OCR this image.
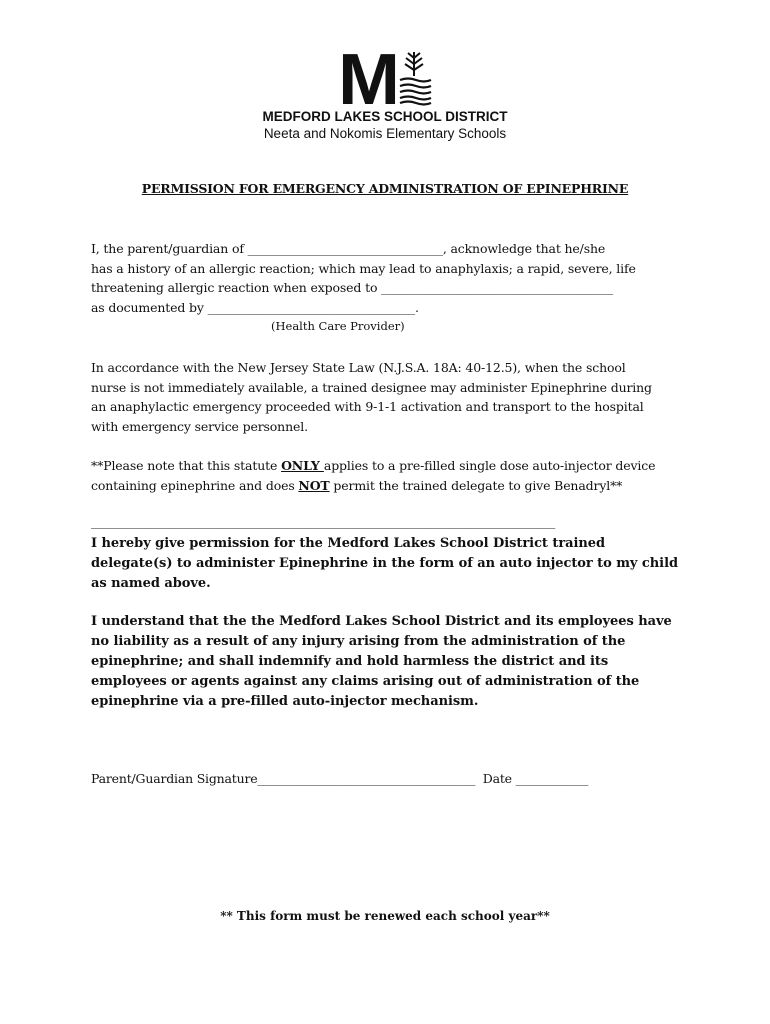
M
MEDFORD LAKES SCHOOL DISTRICT
Neeta and Nokomis Elementary Schools
PERMISSION FOR EMERGENCY ADMINISTRATION OF EPINEPHRINE
I, the parent/guardian of ________________________________, acknowledge that he/she
has a history of an allergic reaction; which may lead to anaphylaxis; a rapid, severe, life
threatening allergic reaction when exposed to ______________________________________
as documented by __________________________________.
(Health Care Provider)
In accordance with the New Jersey State Law (N.J.S.A. 18A: 40-12.5), when the school
nurse is not immediately available, a trained designee may administer Epinephrine during
an anaphylactic emergency proceeded with 9-1-1 activation and transport to the hospital
with emergency service personnel.
**Please note that this statute ONLY applies to a pre-filled single dose auto-injector device
containing epinephrine and does NOT permit the trained delegate to give Benadryl**
______________________________________________________________________________
I hereby give permission for the Medford Lakes School District trained
delegate(s) to administer Epinephrine in the form of an auto injector to my child
as named above.
I understand that the the Medford Lakes School District and its employees have
no liability as a result of any injury arising from the administration of the
epinephrine; and shall indemnify and hold harmless the district and its
employees or agents against any claims arising out of administration of the
epinephrine via a pre-filled auto-injector mechanism.
Parent/Guardian Signature____________________________________  Date ____________
** This form must be renewed each school year**
